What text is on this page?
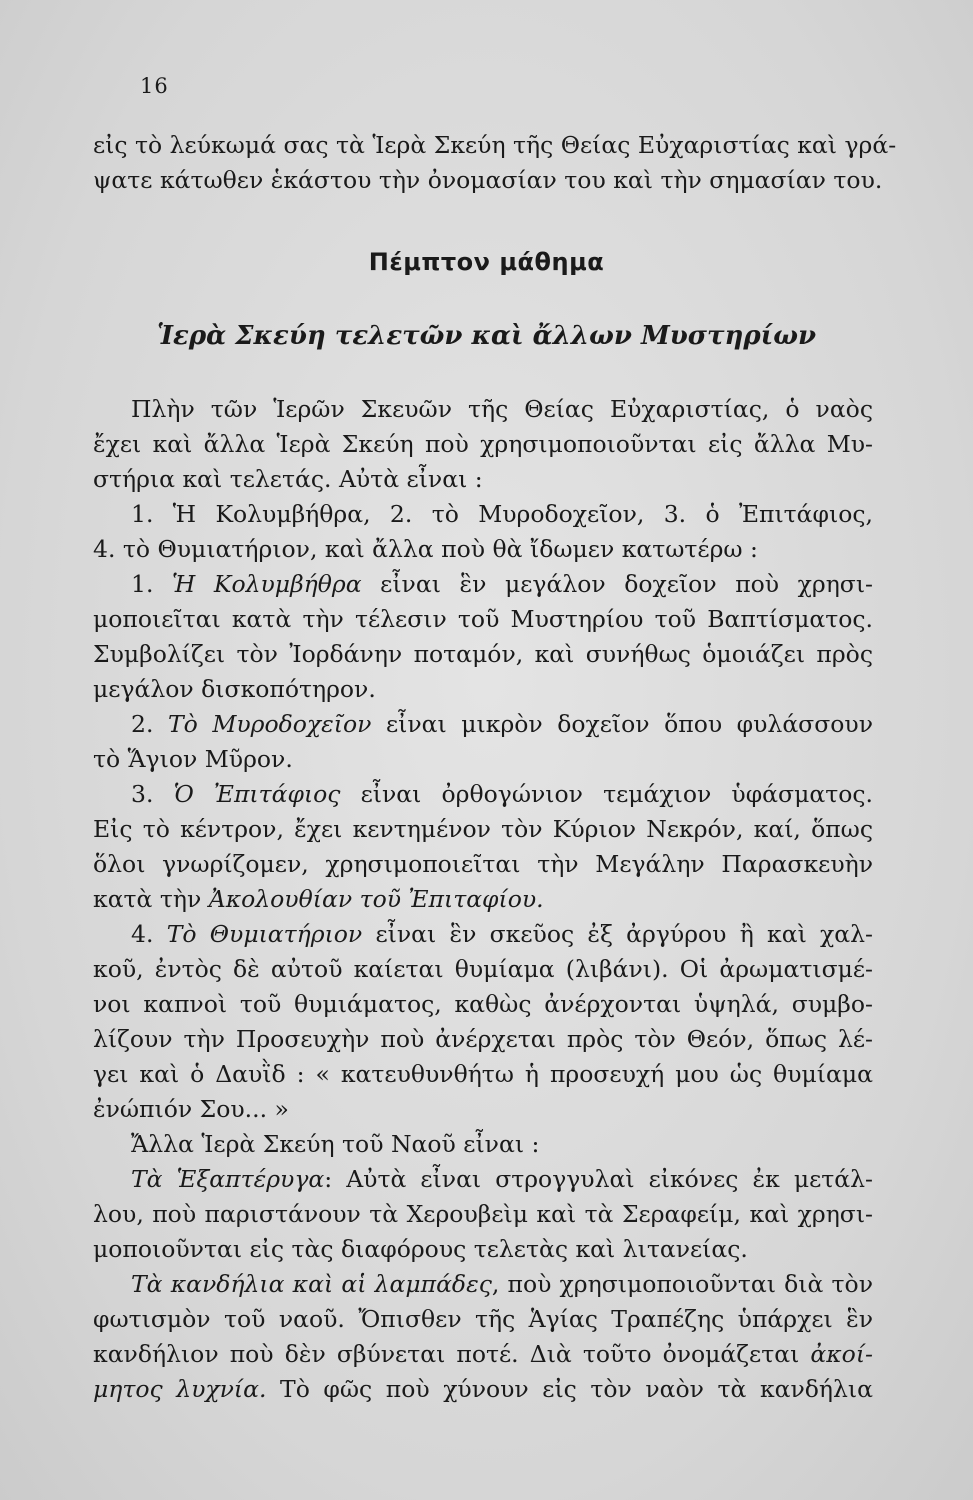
16
εἰς τὸ λεύκωμά σας τὰ Ἱερὰ Σκεύη τῆς Θείας Εὐχαριστίας καὶ γρά-
ψατε κάτωθεν ἑκάστου τὴν ὀνομασίαν του καὶ τὴν σημασίαν του.
Πέμπτον μάθημα
Ἱερὰ Σκεύη τελετῶν καὶ ἄλλων Μυστηρίων
Πλὴν τῶν Ἱερῶν Σκευῶν τῆς Θείας Εὐχαριστίας, ὁ ναὸς
ἔχει καὶ ἄλλα Ἱερὰ Σκεύη ποὺ χρησιμοποιοῦνται εἰς ἄλλα Μυ-
στήρια καὶ τελετάς. Αὐτὰ εἶναι :
1. Ἡ Κολυμβήθρα, 2. τὸ Μυροδοχεῖον, 3. ὁ Ἐπιτάφιος,
4. τὸ Θυμιατήριον, καὶ ἄλλα ποὺ θὰ ἴδωμεν κατωτέρω :
1. Ἡ Κολυμβήθρα εἶναι ἓν μεγάλον δοχεῖον ποὺ χρησι-
μοποιεῖται κατὰ τὴν τέλεσιν τοῦ Μυστηρίου τοῦ Βαπτίσματος.
Συμβολίζει τὸν Ἰορδάνην ποταμόν, καὶ συνήθως ὁμοιάζει πρὸς
μεγάλον δισκοπότηρον.
2. Τὸ Μυροδοχεῖον εἶναι μικρὸν δοχεῖον ὅπου φυλάσσουν
τὸ Ἅγιον Μῦρον.
3. Ὁ Ἐπιτάφιος εἶναι ὀρθογώνιον τεμάχιον ὑφάσματος.
Εἰς τὸ κέντρον, ἔχει κεντημένον τὸν Κύριον Νεκρόν, καί, ὅπως
ὅλοι γνωρίζομεν, χρησιμοποιεῖται τὴν Μεγάλην Παρασκευὴν
κατὰ τὴν Ἀκολουθίαν τοῦ Ἐπιταφίου.
4. Τὸ Θυμιατήριον εἶναι ἓν σκεῦος ἐξ ἀργύρου ἢ καὶ χαλ-
κοῦ, ἐντὸς δὲ αὐτοῦ καίεται θυμίαμα (λιβάνι). Οἱ ἀρωματισμέ-
νοι καπνοὶ τοῦ θυμιάματος, καθὼς ἀνέρχονται ὑψηλά, συμβο-
λίζουν τὴν Προσευχὴν ποὺ ἀνέρχεται πρὸς τὸν Θεόν, ὅπως λέ-
γει καὶ ὁ Δαυῒδ : « κατευθυνθήτω ἡ προσευχή μου ὡς θυμίαμα
ἐνώπιόν Σου... »
Ἄλλα Ἱερὰ Σκεύη τοῦ Ναοῦ εἶναι :
Τὰ Ἑξαπτέρυγα: Αὐτὰ εἶναι στρογγυλαὶ εἰκόνες ἐκ μετάλ-
λου, ποὺ παριστάνουν τὰ Χερουβεὶμ καὶ τὰ Σεραφείμ, καὶ χρησι-
μοποιοῦνται εἰς τὰς διαφόρους τελετὰς καὶ λιτανείας.
Τὰ κανδήλια καὶ αἱ λαμπάδες, ποὺ χρησιμοποιοῦνται διὰ τὸν
φωτισμὸν τοῦ ναοῦ. Ὄπισθεν τῆς Ἁγίας Τραπέζης ὑπάρχει ἓν
κανδήλιον ποὺ δὲν σβύνεται ποτέ. Διὰ τοῦτο ὀνομάζεται ἀκοί-
μητος λυχνία. Τὸ φῶς ποὺ χύνουν εἰς τὸν ναὸν τὰ κανδήλια
